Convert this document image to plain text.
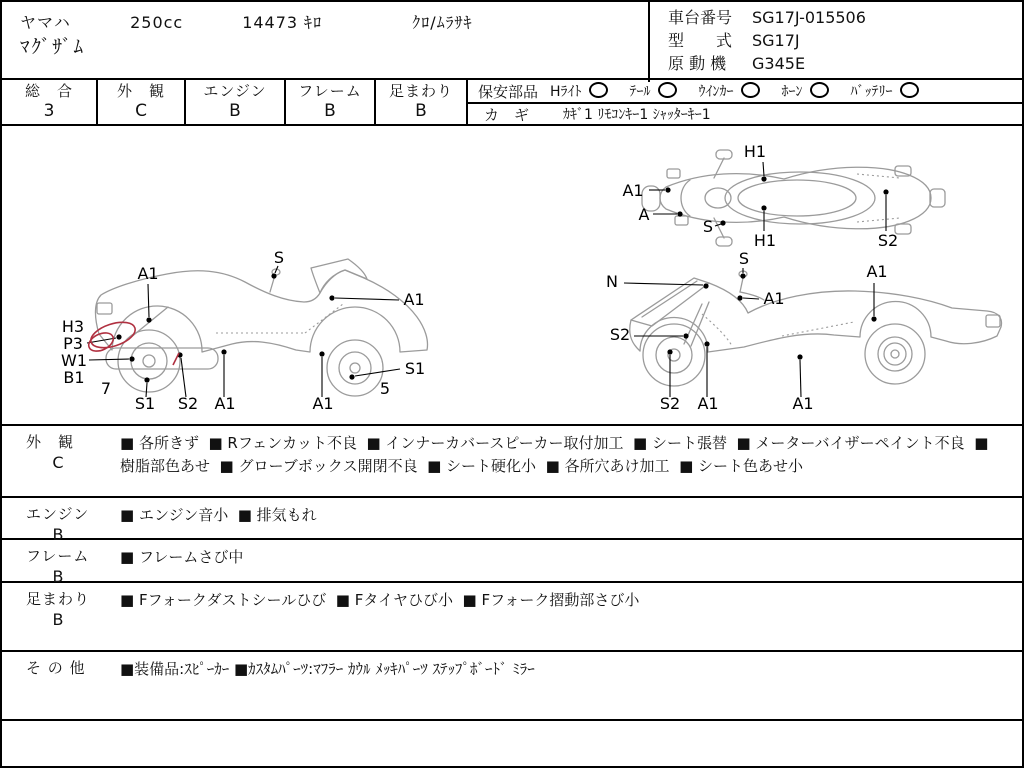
ヤマハ	250cc	14473 ｷﾛ	ｸﾛ/ﾑﾗｻｷ
ﾏｸﾞｻﾞﾑ
車台番号 SG17J-015506
型　　式 SG17J
原 動 機 G345E
総　合
3
外　観
C
エンジン
B
フレーム
B
足まわり
B
保安部品 Hﾗｲﾄ	ﾃｰﾙ	ｳｲﾝｶｰ	ﾎｰﾝ	ﾊﾞｯﾃﾘｰ
カ　ギ ｶｷﾞ1 ﾘﾓｺﾝｷｰ1 ｼｬｯﾀｰｷｰ1
H1
A1
A
S
H1	S2
S
A1
A1
H3
P3
W1
B1
7
S1 S2 A1	A1
S1
5
S
N
A1
A1
S2
S2 A1	A1
外　観
C
■ 各所きず  ■ Rフェンカット不良  ■ インナーカバースピーカー取付加工  ■ シート張替  ■ メーターバイザーペイント不良  ■ 樹脂部色あせ  ■ グローブボックス開閉不良  ■ シート硬化小  ■ 各所穴あけ加工  ■ シート色あせ小
エンジン
B
■ エンジン音小  ■ 排気もれ
フレーム
B
■ フレームさび中
足まわり
B
■ Fフォークダストシールひび  ■ Fタイヤひび小  ■ Fフォーク摺動部さび小
そ の 他	■装備品:ｽﾋﾟｰｶｰ ■ｶｽﾀﾑﾊﾟｰﾂ:ﾏﾌﾗｰ ｶｳﾙ ﾒｯｷﾊﾟｰﾂ ｽﾃｯﾌﾟﾎﾞｰﾄﾞ ﾐﾗｰ
